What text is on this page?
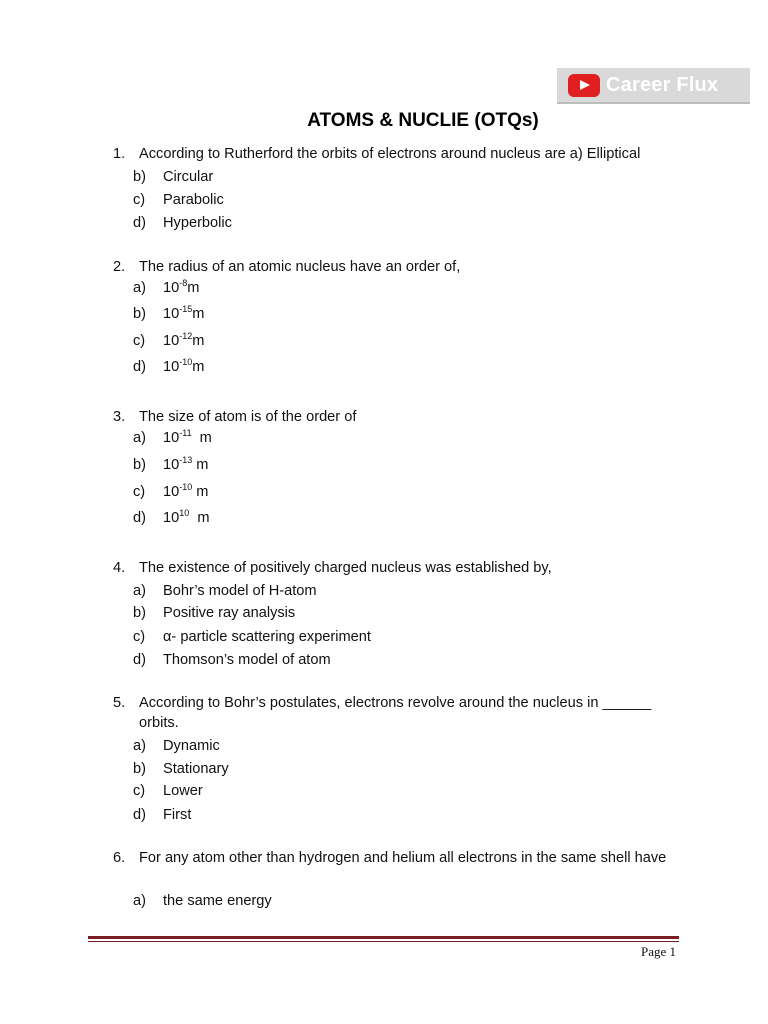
Career Flux
ATOMS & NUCLIE (OTQs)
1. According to Rutherford the orbits of electrons around nucleus are a) Elliptical
b) Circular
c) Parabolic
d) Hyperbolic
2. The radius of an atomic nucleus have an order of,
a) $10^{-8}m$
b) $10^{-15}m$
c) $10^{-12}m$
d) $10^{-10}m$
3. The size of atom is of the order of
a) $10^{-11}$  m
b) $10^{-13}$ m
c) $10^{-10}$ m
d) $10^{10}$  m
4. The existence of positively charged nucleus was established by,
a) Bohr’s model of H-atom
b) Positive ray analysis
c) α- particle scattering experiment
d) Thomson’s model of atom
5. According to Bohr’s postulates, electrons revolve around the nucleus in ______ orbits.
a) Dynamic
b) Stationary
c) Lower
d) First
6. For any atom other than hydrogen and helium all electrons in the same shell have
a) the same energy
Page 1
